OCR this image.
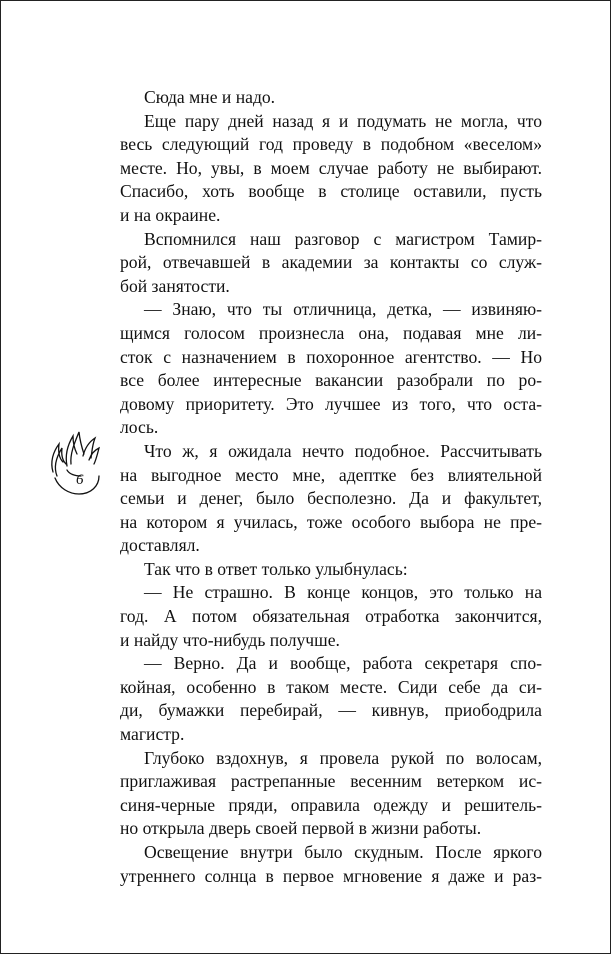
Сюда мне и надо.
Еще пару дней назад я и подумать не могла, что
весь следующий год проведу в подобном «веселом»
месте. Но, увы, в моем случае работу не выбирают.
Спасибо, хоть вообще в столице оставили, пусть
и на окраине.
Вспомнился наш разговор с магистром Тамир-
рой, отвечавшей в академии за контакты со служ-
бой занятости.
— Знаю, что ты отличница, детка, — извиняю-
щимся голосом произнесла она, подавая мне ли-
сток с назначением в похоронное агентство. — Но
все более интересные вакансии разобрали по ро-
довому приоритету. Это лучшее из того, что оста-
лось.
Что ж, я ожидала нечто подобное. Рассчитывать
на выгодное место мне, адептке без влиятельной
семьи и денег, было бесполезно. Да и факультет,
на котором я училась, тоже особого выбора не пре-
доставлял.
Так что в ответ только улыбнулась:
— Не страшно. В конце концов, это только на
год. А потом обязательная отработка закончится,
и найду что-нибудь получше.
— Верно. Да и вообще, работа секретаря спо-
койная, особенно в таком месте. Сиди себе да си-
ди, бумажки перебирай, — кивнув, приободрила
магистр.
Глубоко вздохнув, я провела рукой по волосам,
приглаживая растрепанные весенним ветерком ис-
синя-черные пряди, оправила одежду и решитель-
но открыла дверь своей первой в жизни работы.
Освещение внутри было скудным. После яркого
утреннего солнца в первое мгновение я даже и раз-
6
